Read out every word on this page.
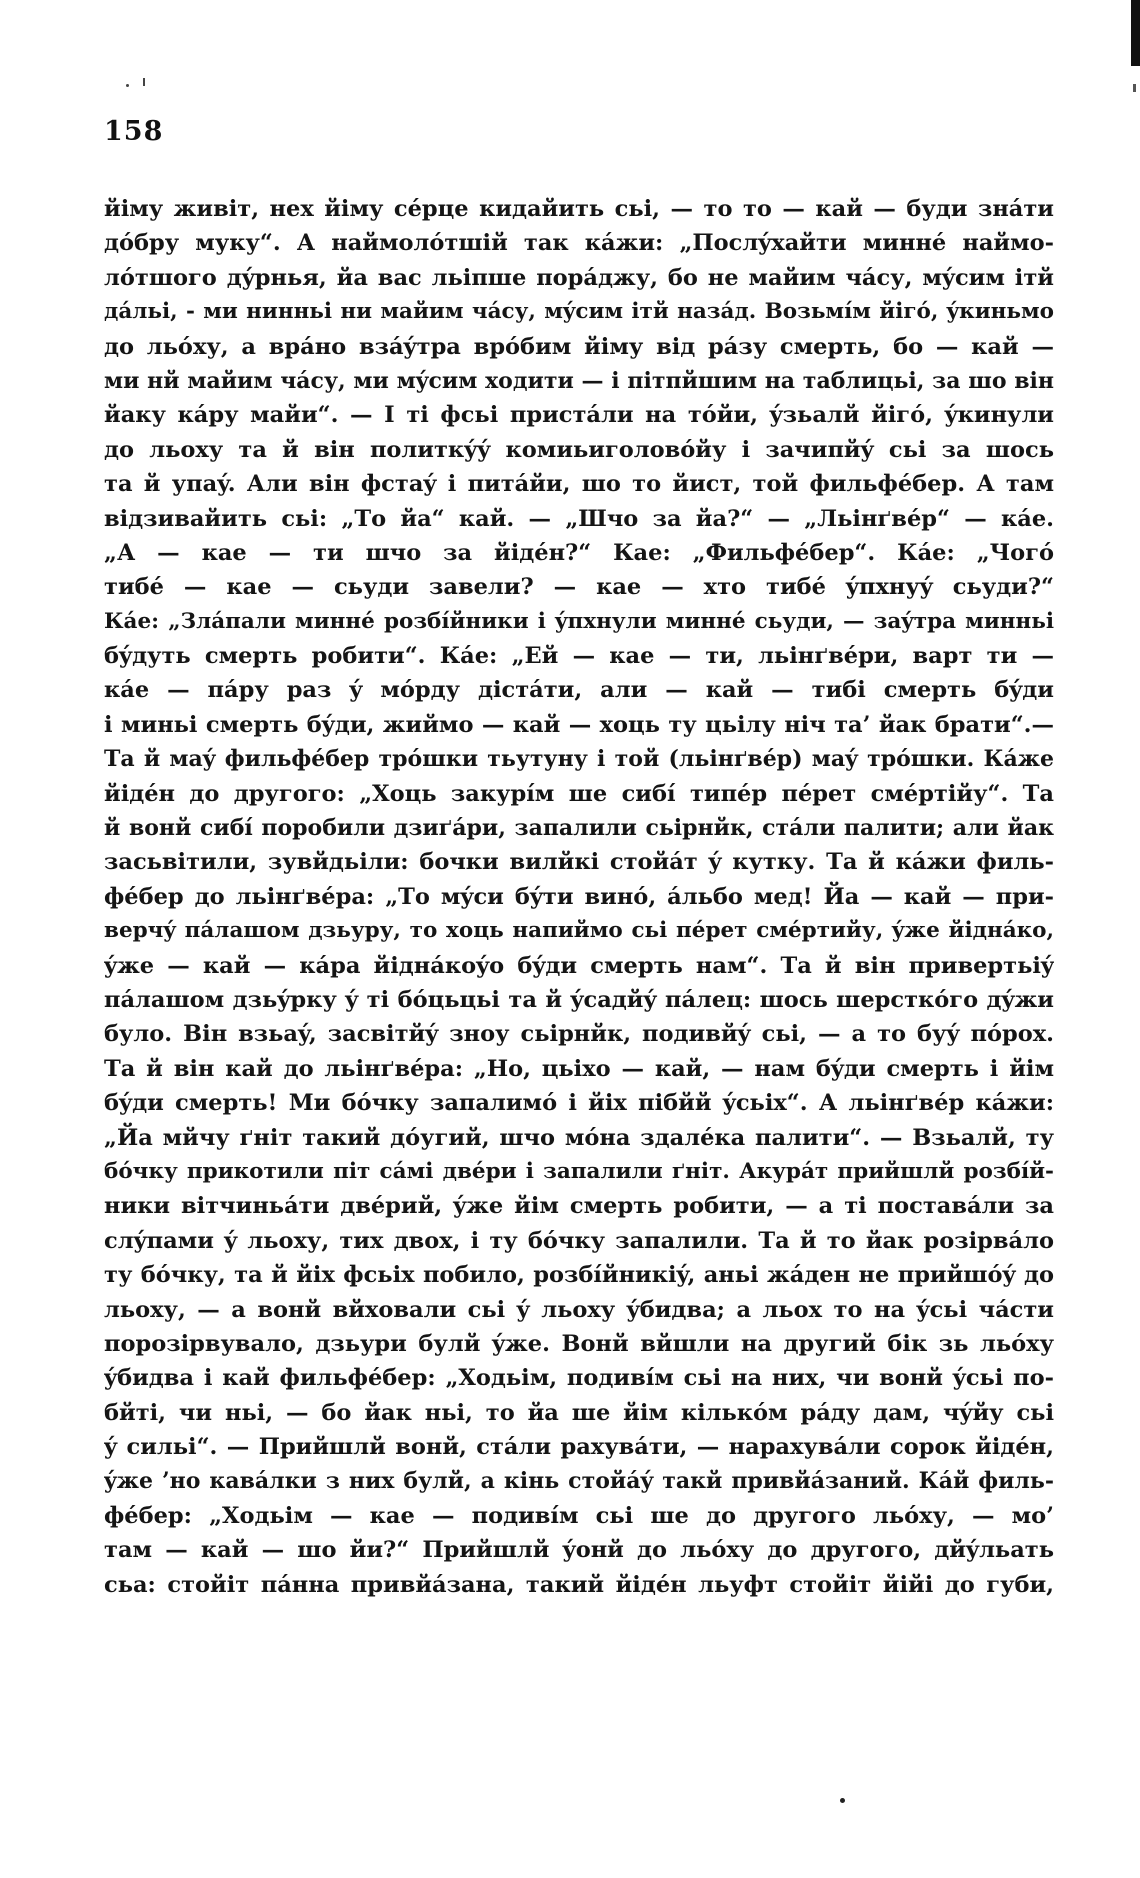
158
йіму живіт, нех йіму сéрце кидайить сьі, — то то — кай — буди знáти
дóбру муку“. А наймолóтшій так кáжи: „Послýхайти миннé наймо-
лóтшого дýрнья, йа вас льіпше порáджу, бо не майим чáсу, мýсим ітй
дáльі, - ми нинньі ни майим чáсу, мýсим ітй назáд. Возьмíм йігó, ýкиньмо
до льóху, а врáно взáýтра врóбим йіму від рáзу смерть, бо — кай —
ми нй майим чáсу, ми мýсим ходити — і пітпйшим на таблицьі, за шо він
йаку кáру майи“. — І ті фсьі пристáли на тóйи, ýзьалй йігó, ýкинули
до льоху та й він политкýý комиьиголовóйу і зачипйý сьі за шось
та й упаý. Али він фстаý і питáйи, шо то йист, той фильфéбер. А там
відзивайить сьі: „То йа“ кай. — „Шчо за йа?“ — „Льінґвéр“ — кáе.
„А — кае — ти шчо за йідéн?“ Кае: „Фильфéбер“. Кáе: „Чогó
тибé — кае — сьуди завели? — кае — хто тибé ýпхнуý сьуди?“
Кáе: „Злáпали миннé розбíйники і ýпхнули миннé сьуди, — заýтра минньі
бýдуть смерть робити“. Кáе: „Ей — кае — ти, льінґвéри, варт ти —
кáе — пáру раз ý мóрду дістáти, али — кай — тибі смерть бýди
і миньі смерть бýди, жиймо — кай — хоць ту цьілу ніч та’ йак брати“.—
Та й маý фильфéбер трóшки тьутуну і той (льінґвéр) маý трóшки. Кáже
йідéн до другого: „Хоць закурíм ше сибí типéр пéрет смéртійу“. Та
й вонй сибí поробили дзиґáри, запалили сьірнйк, стáли палити; али йак
засьвітили, зувйдьіли: бочки вилйкі стойáт ý кутку. Та й кáжи филь-
фéбер до льінґвéра: „То мýси бýти винó, áльбо мед! Йа — кай — при-
верчý пáлашом дзьуру, то хоць напиймо сьі пéрет смéртийу, ýже йіднáко,
ýже — кай — кáра йіднáкоýо бýди смерть нам“. Та й він привертьіý
пáлашом дзьýрку ý ті бóцьцьі та й ýсадйý пáлец: шось шерсткóго дýжи
було. Він взьаý, засвітйý зноу сьірнйк, подивйý сьі, — а то буý пóрох.
Та й він кай до льінґвéра: „Но, цьіхо — кай, — нам бýди смерть і йім
бýди смерть! Ми бóчку запалимó і йіх пібйй ýсьіх“. А льінґвéр кáжи:
„Йа мйчу ґніт такий дóугий, шчо мóна здалéка палити“. — Взьалй, ту
бóчку прикотили піт сáмі двéри і запалили ґніт. Акурáт прийшлй розбíй-
ники вітчиньáти двéрий, ýже йім смерть робити, — а ті поставáли за
слýпами ý льоху, тих двох, і ту бóчку запалили. Та й то йак розірвáло
ту бóчку, та й йіх фсьіх побило, розбíйникіý, аньі жáден не прийшóý до
льоху, — а вонй вйховали сьі ý льоху ýбидва; а льох то на ýсьі чáсти
порозірвувало, дзьури булй ýже. Вонй вйшли на другий бік зь льóху
ýбидва і кай фильфéбер: „Ходьім, подивíм сьі на них, чи вонй ýсьі по-
бйті, чи ньі, — бо йак ньі, то йа ше йім кількóм рáду дам, чýйу сьі
ý сильі“. — Прийшлй вонй, стáли рахувáти, — нарахувáли сорок йідéн,
ýже ’но кавáлки з них булй, а кінь стойáý такй привйáзаний. Кáй филь-
фéбер: „Ходьім — кае — подивíм сьі ше до другого льóху, — мо’
там — кай — шо йи?“ Прийшлй ýонй до льóху до другого, дйýльать
сьа: стойіт пáнна привйáзана, такий йідéн льуфт стойіт йійі до губи,
